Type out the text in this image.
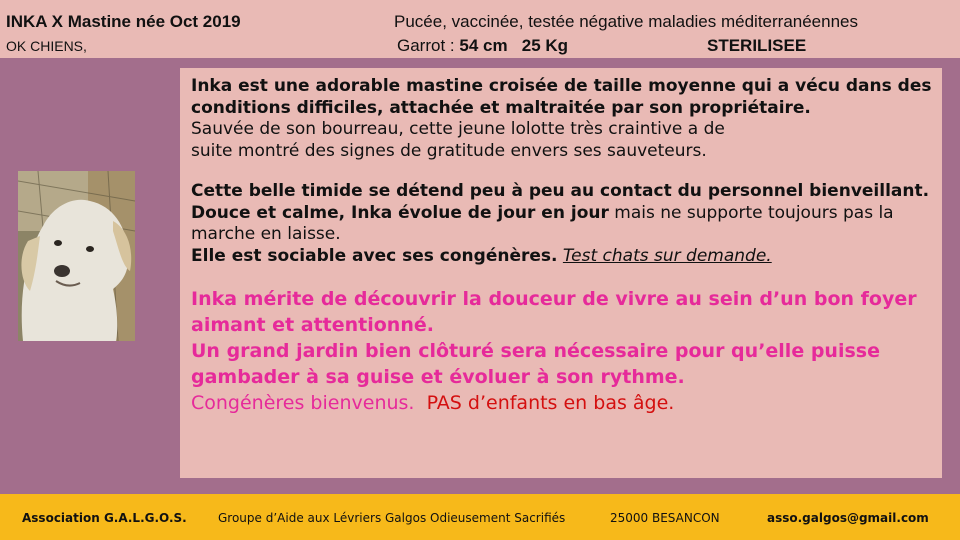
INKA X Mastine née Oct 2019
OK CHIENS,
Pucée, vaccinée, testée négative maladies méditerranéennes
Garrot : 54 cm 25 Kg	STERILISEE

Inka est une adorable mastine croisée de taille moyenne qui a vécu dans des conditions difficiles, attachée et maltraitée par son propriétaire.

Sauvée de son bourreau, cette jeune lolotte très craintive a de

suite montré des signes de gratitude envers ses sauveteurs.

Cette belle timide se détend peu à peu au contact du personnel bienveillant.

Douce et calme, Inka évolue de jour en jour mais ne supporte toujours pas la marche en laisse.

Elle est sociable avec ses congénères. Test chats sur demande.

Inka mérite de découvrir la douceur de vivre au sein d’un bon foyer aimant et attentionné.

Un grand jardin bien clôturé sera nécessaire pour qu’elle puisse gambader à sa guise et évoluer à son rythme.

Congénères bienvenus. PAS d’enfants en bas âge.

Association G.A.L.G.O.S.	Groupe d’Aide aux Lévriers Galgos Odieusement Sacrifiés	25000 BESANCON	asso.galgos@gmail.com
